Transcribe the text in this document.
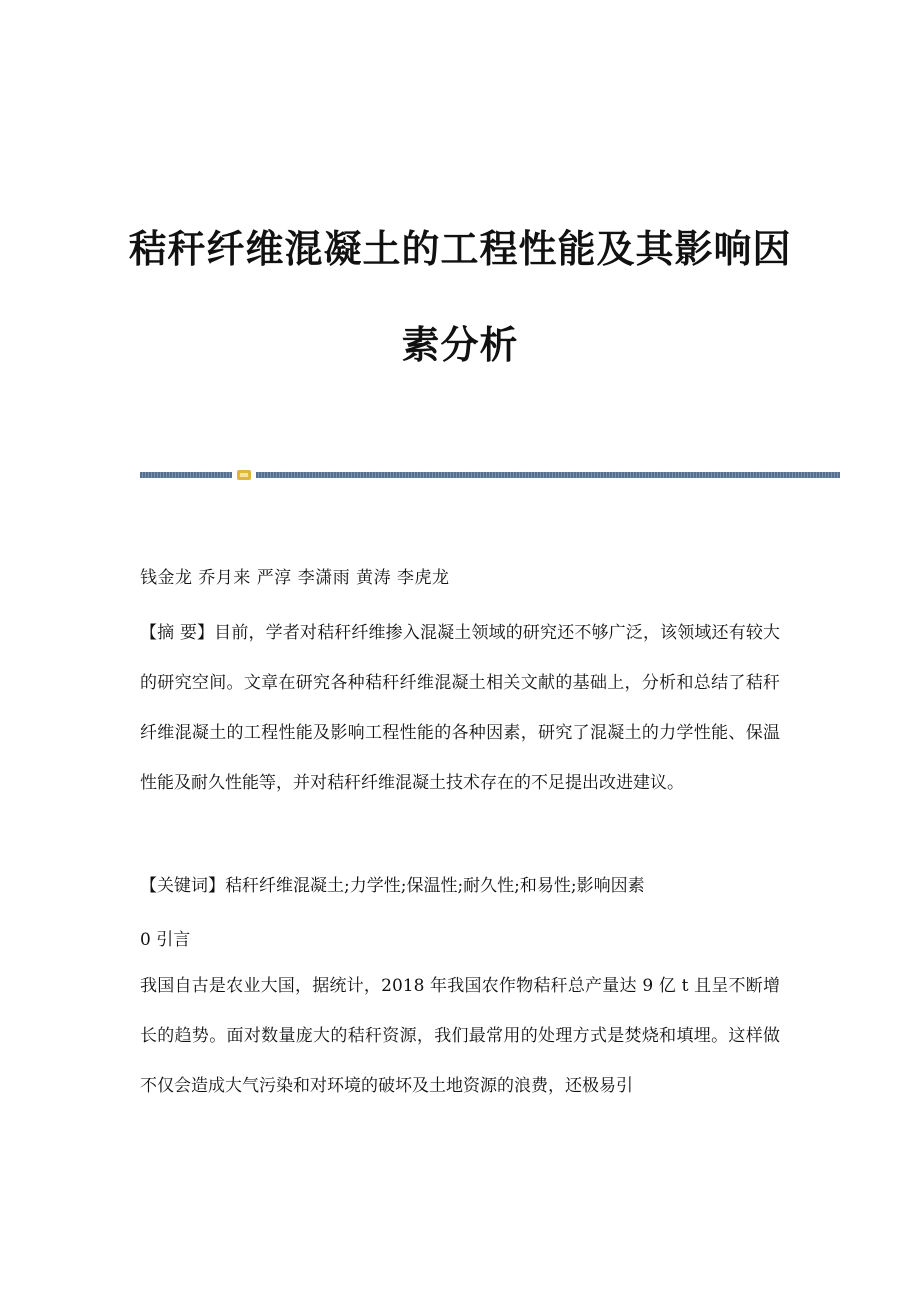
秸秆纤维混凝土的工程性能及其影响因
素分析
钱金龙 乔月来 严淳 李潇雨 黄涛 李虎龙
【摘 要】目前，学者对秸秆纤维掺入混凝土领域的研究还不够广泛，该领域还有较大的研究空间。文章在研究各种秸秆纤维混凝土相关文献的基础上，分析和总结了秸秆纤维混凝土的工程性能及影响工程性能的各种因素，研究了混凝土的力学性能、保温性能及耐久性能等，并对秸秆纤维混凝土技术存在的不足提出改进建议。
【关键词】秸秆纤维混凝土;力学性;保温性;耐久性;和易性;影响因素
0 引言
我国自古是农业大国，据统计，2018 年我国农作物秸秆总产量达 9 亿 t 且呈不断增长的趋势。面对数量庞大的秸秆资源，我们最常用的处理方式是焚烧和填埋。这样做不仅会造成大气污染和对环境的破坏及土地资源的浪费，还极易引
